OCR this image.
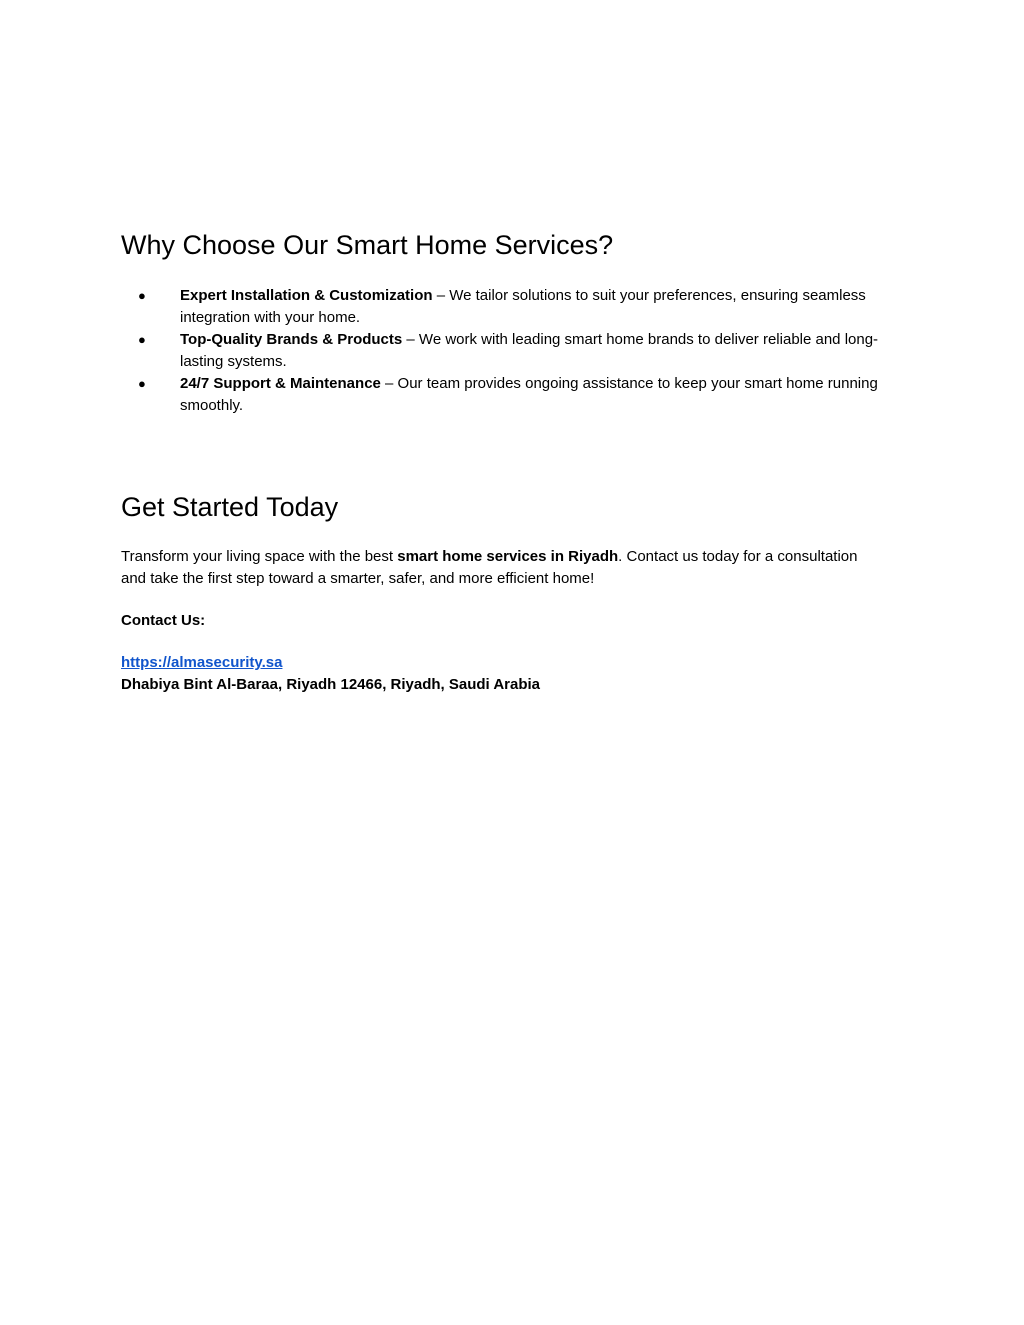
Why Choose Our Smart Home Services?
● Expert Installation & Customization – We tailor solutions to suit your preferences, ensuring seamless integration with your home.
● Top-Quality Brands & Products – We work with leading smart home brands to deliver reliable and long-lasting systems.
● 24/7 Support & Maintenance – Our team provides ongoing assistance to keep your smart home running smoothly.
Get Started Today

Transform your living space with the best smart home services in Riyadh. Contact us today for a consultation and take the first step toward a smarter, safer, and more efficient home!

Contact Us:

https://almasecurity.sa

Dhabiya Bint Al-Baraa, Riyadh 12466, Riyadh, Saudi Arabia
